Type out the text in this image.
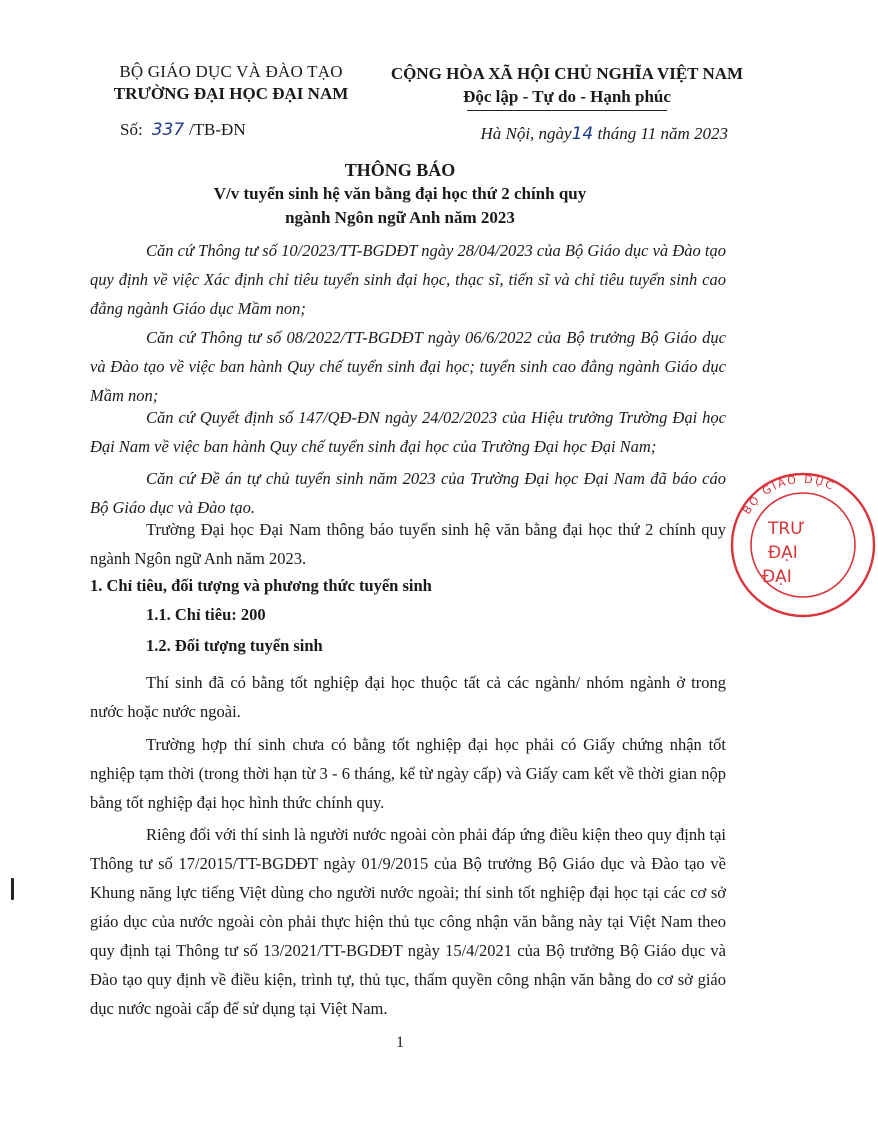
BỘ GIÁO DỤC VÀ ĐÀO TẠO
TRƯỜNG ĐẠI HỌC ĐẠI NAM
CỘNG HÒA XÃ HỘI CHỦ NGHĨA VIỆT NAM
Độc lập - Tự do - Hạnh phúc
Số: 337 /TB-ĐN	Hà Nội, ngày14 tháng 11 năm 2023
THÔNG BÁO
V/v tuyển sinh hệ văn bằng đại học thứ 2 chính quy
ngành Ngôn ngữ Anh năm 2023
Căn cứ Thông tư số 10/2023/TT-BGDĐT ngày 28/04/2023 của Bộ Giáo dục và Đào tạo quy định về việc Xác định chỉ tiêu tuyển sinh đại học, thạc sĩ, tiến sĩ và chỉ tiêu tuyển sinh cao đẳng ngành Giáo dục Mầm non;
Căn cứ Thông tư số 08/2022/TT-BGDĐT ngày 06/6/2022 của Bộ trưởng Bộ Giáo dục và Đào tạo về việc ban hành Quy chế tuyển sinh đại học; tuyển sinh cao đẳng ngành Giáo dục Mầm non;
Căn cứ Quyết định số 147/QĐ-ĐN ngày 24/02/2023 của Hiệu trưởng Trường Đại học Đại Nam về việc ban hành Quy chế tuyển sinh đại học của Trường Đại học Đại Nam;
Căn cứ Đề án tự chủ tuyển sinh năm 2023 của Trường Đại học Đại Nam đã báo cáo Bộ Giáo dục và Đào tạo.
Trường Đại học Đại Nam thông báo tuyển sinh hệ văn bằng đại học thứ 2 chính quy ngành Ngôn ngữ Anh năm 2023.
1. Chỉ tiêu, đối tượng và phương thức tuyển sinh
1.1. Chỉ tiêu: 200
1.2. Đối tượng tuyển sinh
Thí sinh đã có bằng tốt nghiệp đại học thuộc tất cả các ngành/ nhóm ngành ở trong nước hoặc nước ngoài.
Trường hợp thí sinh chưa có bằng tốt nghiệp đại học phải có Giấy chứng nhận tốt nghiệp tạm thời (trong thời hạn từ 3 - 6 tháng, kể từ ngày cấp) và Giấy cam kết về thời gian nộp bằng tốt nghiệp đại học hình thức chính quy.
Riêng đối với thí sinh là người nước ngoài còn phải đáp ứng điều kiện theo quy định tại Thông tư số 17/2015/TT-BGDĐT ngày 01/9/2015 của Bộ trưởng Bộ Giáo dục và Đào tạo về Khung năng lực tiếng Việt dùng cho người nước ngoài; thí sinh tốt nghiệp đại học tại các cơ sở giáo dục của nước ngoài còn phải thực hiện thủ tục công nhận văn bằng này tại Việt Nam theo quy định tại Thông tư số 13/2021/TT-BGDĐT ngày 15/4/2021 của Bộ trưởng Bộ Giáo dục và Đào tạo quy định về điều kiện, trình tự, thủ tục, thẩm quyền công nhận văn bằng do cơ sở giáo dục nước ngoài cấp để sử dụng tại Việt Nam.
1
BỘ GIÁO DỤC
TRƯ
ĐẠI
ĐẠI
